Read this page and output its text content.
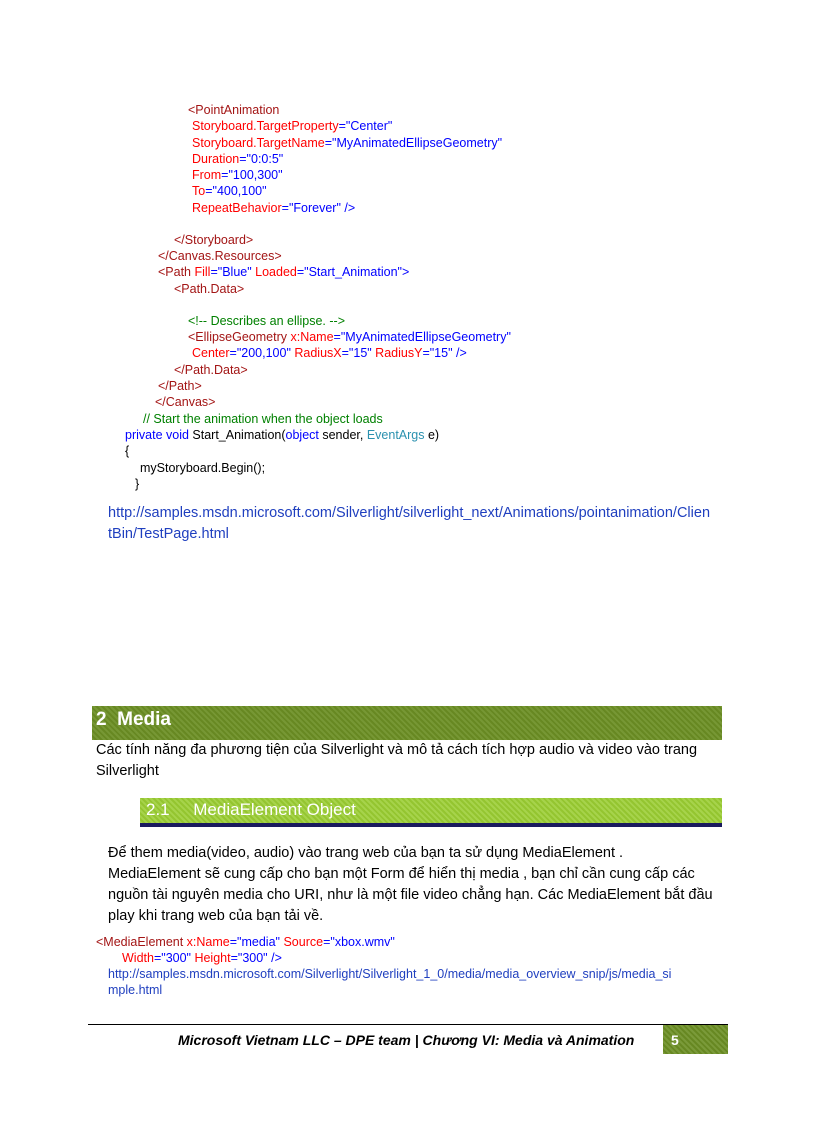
<PointAnimation
Storyboard.TargetProperty="Center"
Storyboard.TargetName="MyAnimatedEllipseGeometry"
Duration="0:0:5"
From="100,300"
To="400,100"
RepeatBehavior="Forever" />
</Storyboard>
</Canvas.Resources>
<Path Fill="Blue" Loaded="Start_Animation">
<Path.Data>
<!-- Describes an ellipse. -->
<EllipseGeometry x:Name="MyAnimatedEllipseGeometry"
Center="200,100" RadiusX="15" RadiusY="15" />
</Path.Data>
</Path>
</Canvas>
// Start the animation when the object loads
private void Start_Animation(object sender, EventArgs e)
{
myStoryboard.Begin();
}
http://samples.msdn.microsoft.com/Silverlight/silverlight_next/Animations/pointanimation/Clien
tBin/TestPage.html
2 Media
Các tính năng đa phương tiện của Silverlight và mô tả cách tích hợp audio và video vào trang
Silverlight
2.1 MediaElement Object
Để them media(video, audio) vào trang web của bạn ta sử dụng MediaElement .
MediaElement sẽ cung cấp cho bạn một Form để hiển thị media , bạn chỉ cần cung cấp các
nguồn tài nguyên media cho URI, như là một file video chẳng hạn. Các MediaElement bắt đầu
play khi trang web của bạn tải về.
<MediaElement x:Name="media" Source="xbox.wmv"
Width="300" Height="300" />
http://samples.msdn.microsoft.com/Silverlight/Silverlight_1_0/media/media_overview_snip/js/media_si
mple.html
Microsoft Vietnam LLC – DPE team | Chương VI: Media và Animation	5
